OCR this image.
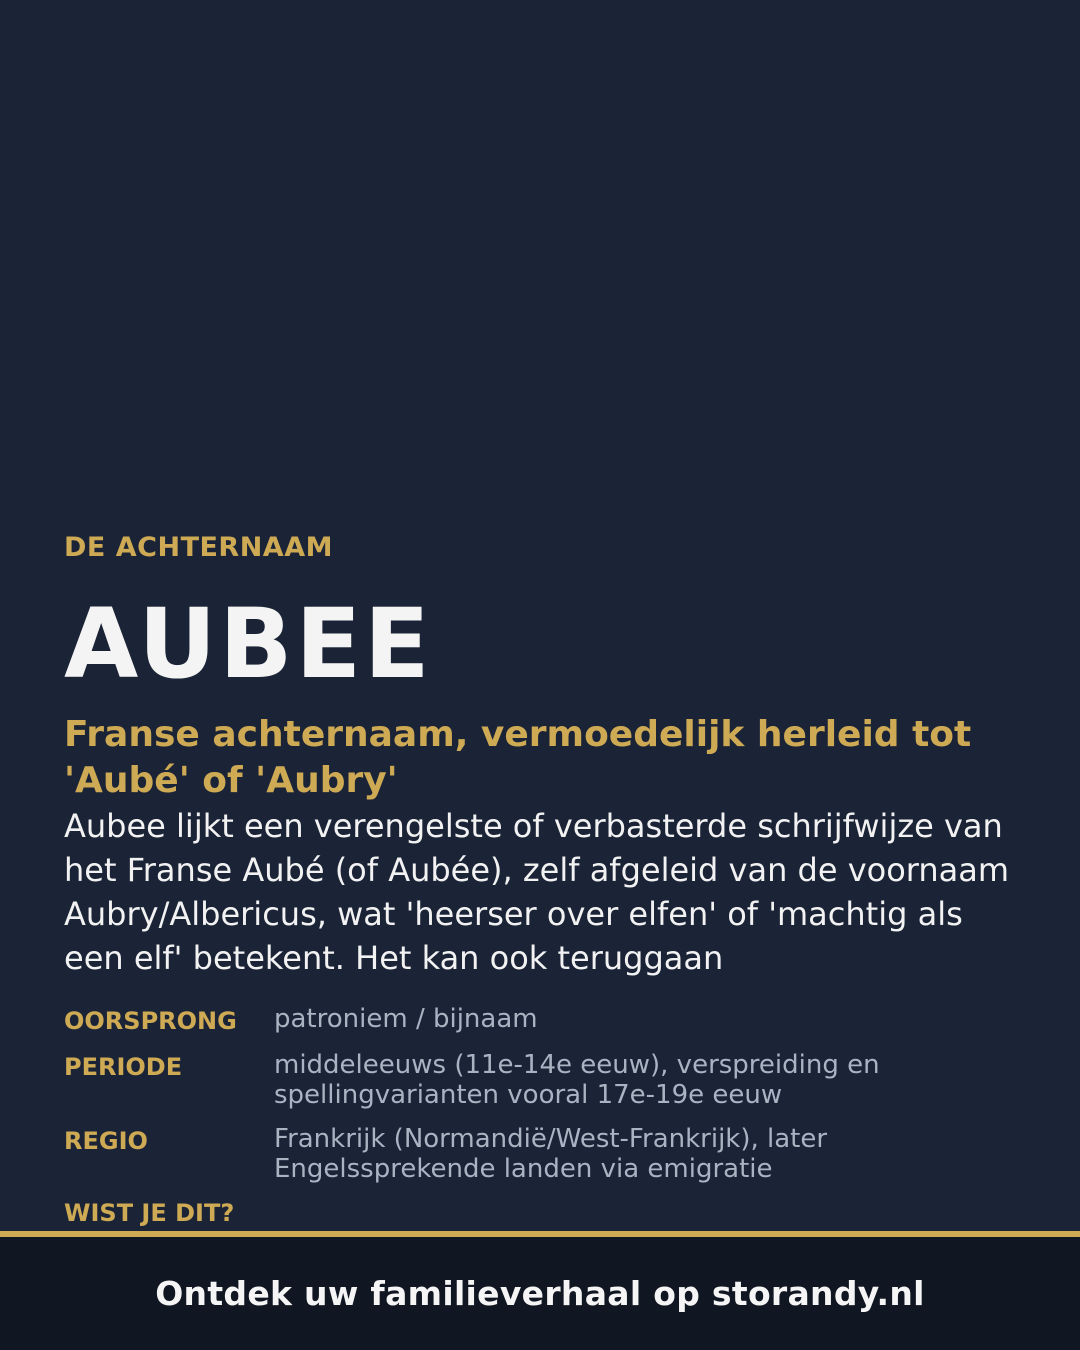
DE ACHTERNAAM
AUBEE
Franse achternaam, vermoedelijk herleid tot 'Aubé' of 'Aubry'
Aubee lijkt een verengelste of verbasterde schrijfwijze van het Franse Aubé (of Aubée), zelf afgeleid van de voornaam Aubry/Albericus, wat 'heerser over elfen' of 'machtig als een elf' betekent. Het kan ook teruggaan
OORSPRONG	patroniem / bijnaam
PERIODE	middeleeuws (11e-14e eeuw), verspreiding en spellingvarianten vooral 17e-19e eeuw
REGIO	Frankrijk (Normandië/West-Frankrijk), later Engelssprekende landen via emigratie
WIST JE DIT?
Ontdek uw familieverhaal op storandy.nl
